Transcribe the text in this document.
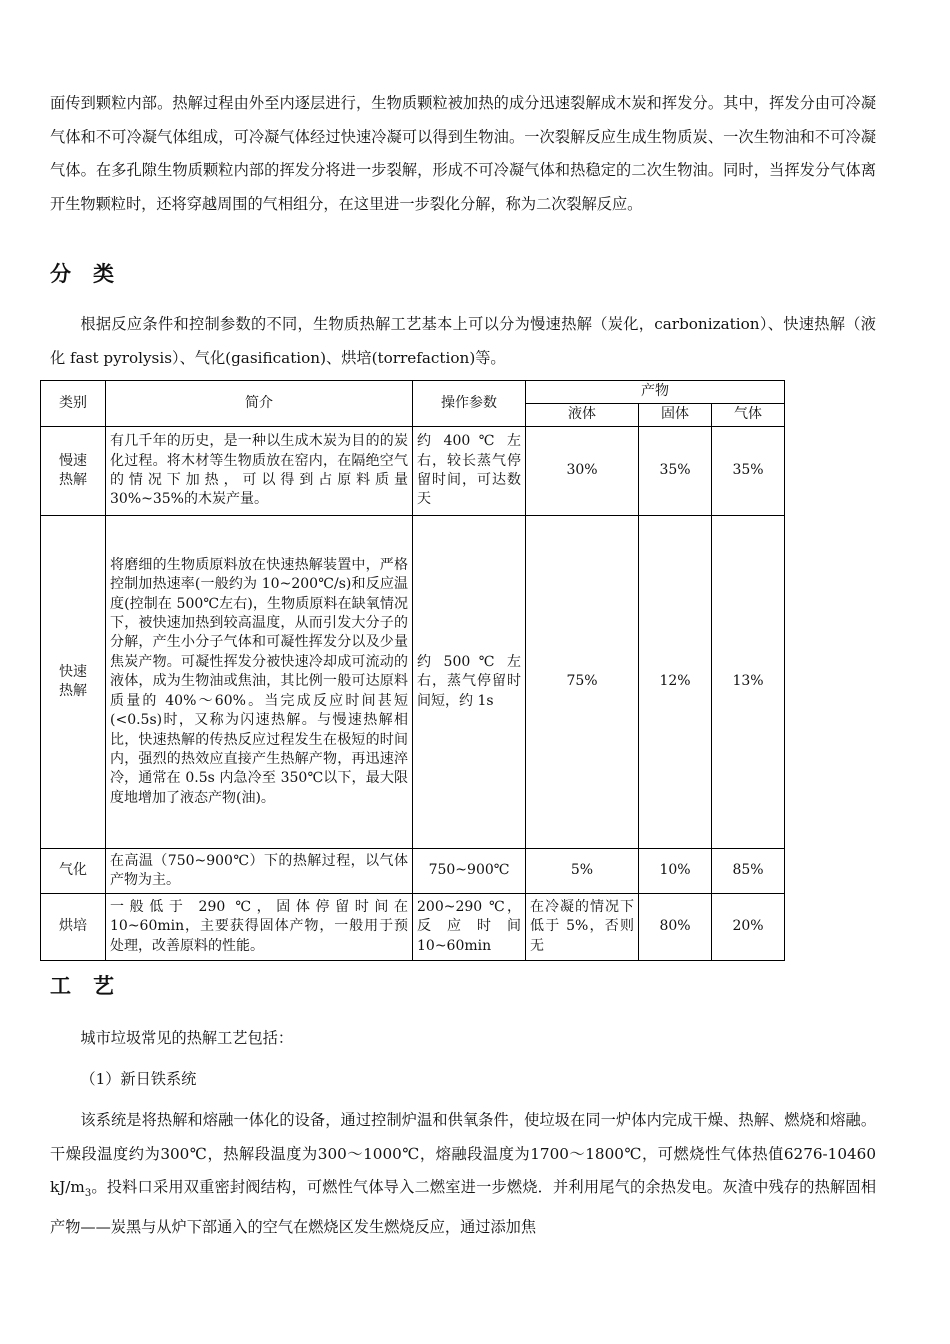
面传到颗粒内部。热解过程由外至内逐层进行，生物质颗粒被加热的成分迅速裂解成木炭和挥发分。其中，挥发分由可冷凝气体和不可冷凝气体组成，可冷凝气体经过快速冷凝可以得到生物油。一次裂解反应生成生物质炭、一次生物油和不可冷凝气体。在多孔隙生物质颗粒内部的挥发分将进一步裂解，形成不可冷凝气体和热稳定的二次生物油。同时，当挥发分气体离开生物颗粒时，还将穿越周围的气相组分，在这里进一步裂化分解，称为二次裂解反应。

分类

根据反应条件和控制参数的不同，生物质热解工艺基本上可以分为慢速热解（炭化，carbonization）、快速热解（液化 fast pyrolysis）、气化(gasification)、烘培(torrefaction)等。

类别	简介	操作参数	产物		
			液体	固体	气体

慢速热解	有几千年的历史，是一种以生成木炭为目的的炭化过程。将木材等生物质放在窑内，在隔绝空气的情况下加热，可以得到占原料质量 30%~35%的木炭产量。	约 400 ℃ 左右，较长蒸气停留时间，可达数天	30%	35%	35%

快速热解	将磨细的生物质原料放在快速热解装置中，严格控制加热速率(一般约为 10~200℃/s)和反应温度(控制在 500℃左右)，生物质原料在缺氧情况下，被快速加热到较高温度，从而引发大分子的分解，产生小分子气体和可凝性挥发分以及少量焦炭产物。可凝性挥发分被快速冷却成可流动的液体，成为生物油或焦油，其比例一般可达原料质量的 40%～60%。当完成反应时间甚短(<0.5s)时，又称为闪速热解。与慢速热解相比，快速热解的传热反应过程发生在极短的时间内，强烈的热效应直接产生热解产物，再迅速淬冷，通常在 0.5s 内急冷至 350℃以下，最大限度地增加了液态产物(油)。	约 500 ℃ 左右，蒸气停留时间短，约 1s	75%	12%	13%
气化	在高温（750~900℃）下的热解过程，以气体产物为主。	750~900℃	5%	10%	85%
烘培	一般低于 290 ℃，固体停留时间在 10~60min，主要获得固体产物，一般用于预处理，改善原料的性能。	200~290 ℃，反应时间 10~60min	在冷凝的情况下低于 5%，否则无	80%	20%
工艺

城市垃圾常见的热解工艺包括：

（1）新日铁系统

该系统是将热解和熔融一体化的设备，通过控制炉温和供氧条件，使垃圾在同一炉体内完成干燥、热解、燃烧和熔融。干燥段温度约为300℃，热解段温度为300～1000℃，熔融段温度为1700～1800℃，可燃烧性气体热值6276-10460 $kJ/m_3$。投料口采用双重密封阀结构，可燃性气体导入二燃室进一步燃烧．并利用尾气的余热发电。灰渣中残存的热解固相产物——炭黑与从炉下部通入的空气在燃烧区发生燃烧反应，通过添加焦
